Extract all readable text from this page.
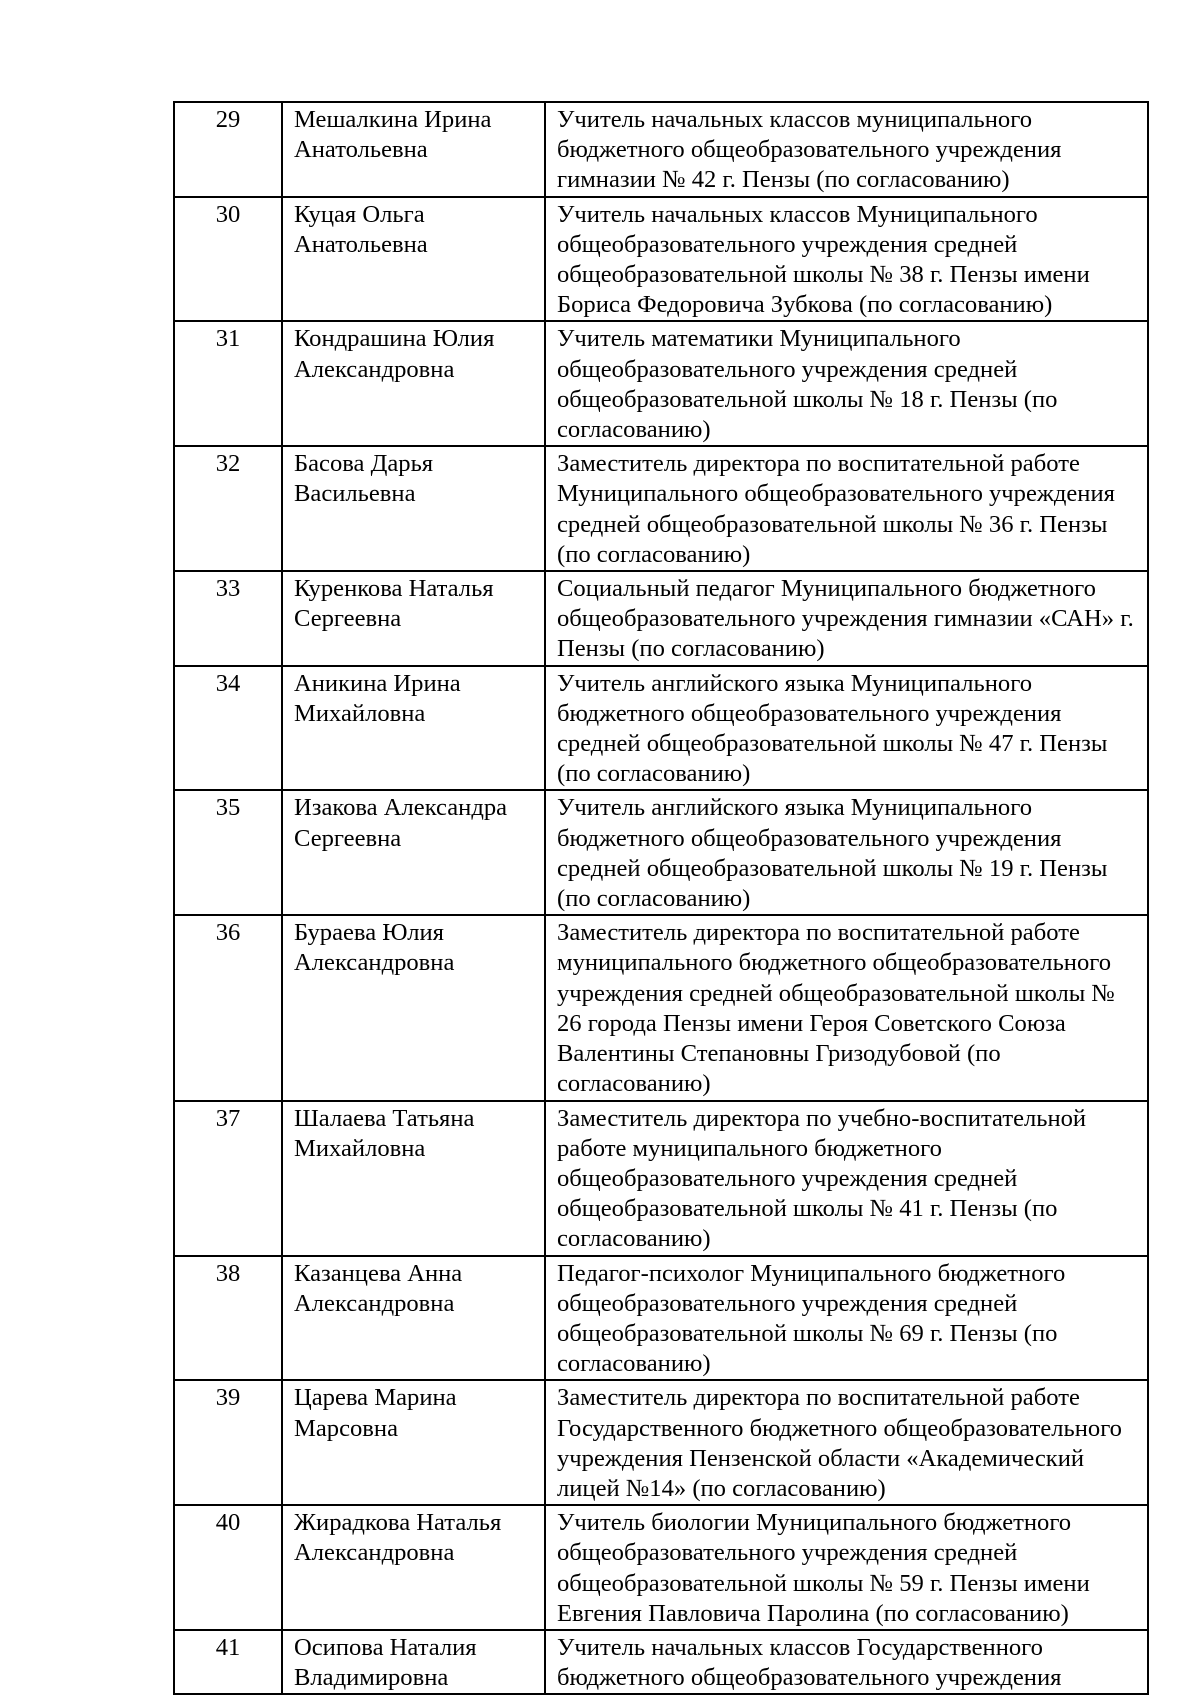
29	Мешалкина Ирина Анатольевна	Учитель начальных классов муниципального бюджетного общеобразовательного учреждения гимназии № 42 г. Пензы (по согласованию)
30	Куцая Ольга Анатольевна	Учитель начальных классов Муниципального общеобразовательного учреждения средней общеобразовательной школы № 38 г. Пензы имени Бориса Федоровича Зубкова (по согласованию)
31	Кондрашина Юлия Александровна	Учитель математики Муниципального общеобразовательного учреждения средней общеобразовательной школы № 18 г. Пензы (по согласованию)
32	Басова Дарья Васильевна	Заместитель директора по воспитательной работе Муниципального общеобразовательного учреждения средней общеобразовательной школы № 36 г. Пензы (по согласованию)
33	Куренкова Наталья Сергеевна	Социальный педагог Муниципального бюджетного общеобразовательного учреждения гимназии «САН» г. Пензы (по согласованию)
34	Аникина Ирина Михайловна	Учитель английского языка Муниципального бюджетного общеобразовательного учреждения средней общеобразовательной школы № 47 г. Пензы (по согласованию)
35	Изакова Александра Сергеевна	Учитель английского языка Муниципального бюджетного общеобразовательного учреждения средней общеобразовательной школы № 19 г. Пензы (по согласованию)
36	Бураева Юлия Александровна	Заместитель директора по воспитательной работе муниципального бюджетного общеобразовательного учреждения средней общеобразовательной школы № 26 города Пензы имени Героя Советского Союза Валентины Степановны Гризодубовой (по согласованию)
37	Шалаева Татьяна Михайловна	Заместитель директора по учебно-воспитательной работе муниципального бюджетного общеобразовательного учреждения средней общеобразовательной школы № 41 г. Пензы (по согласованию)
38	Казанцева Анна Александровна	Педагог-психолог Муниципального бюджетного общеобразовательного учреждения средней общеобразовательной школы № 69 г. Пензы (по согласованию)
39	Царева Марина Марсовна	Заместитель директора по воспитательной работе Государственного бюджетного общеобразовательного учреждения Пензенской области «Академический лицей №14» (по согласованию)
40	Жирадкова Наталья Александровна	Учитель биологии Муниципального бюджетного общеобразовательного учреждения средней общеобразовательной школы № 59 г. Пензы имени Евгения Павловича Паролина (по согласованию)
41	Осипова Наталия Владимировна	Учитель начальных классов Государственного бюджетного общеобразовательного учреждения
